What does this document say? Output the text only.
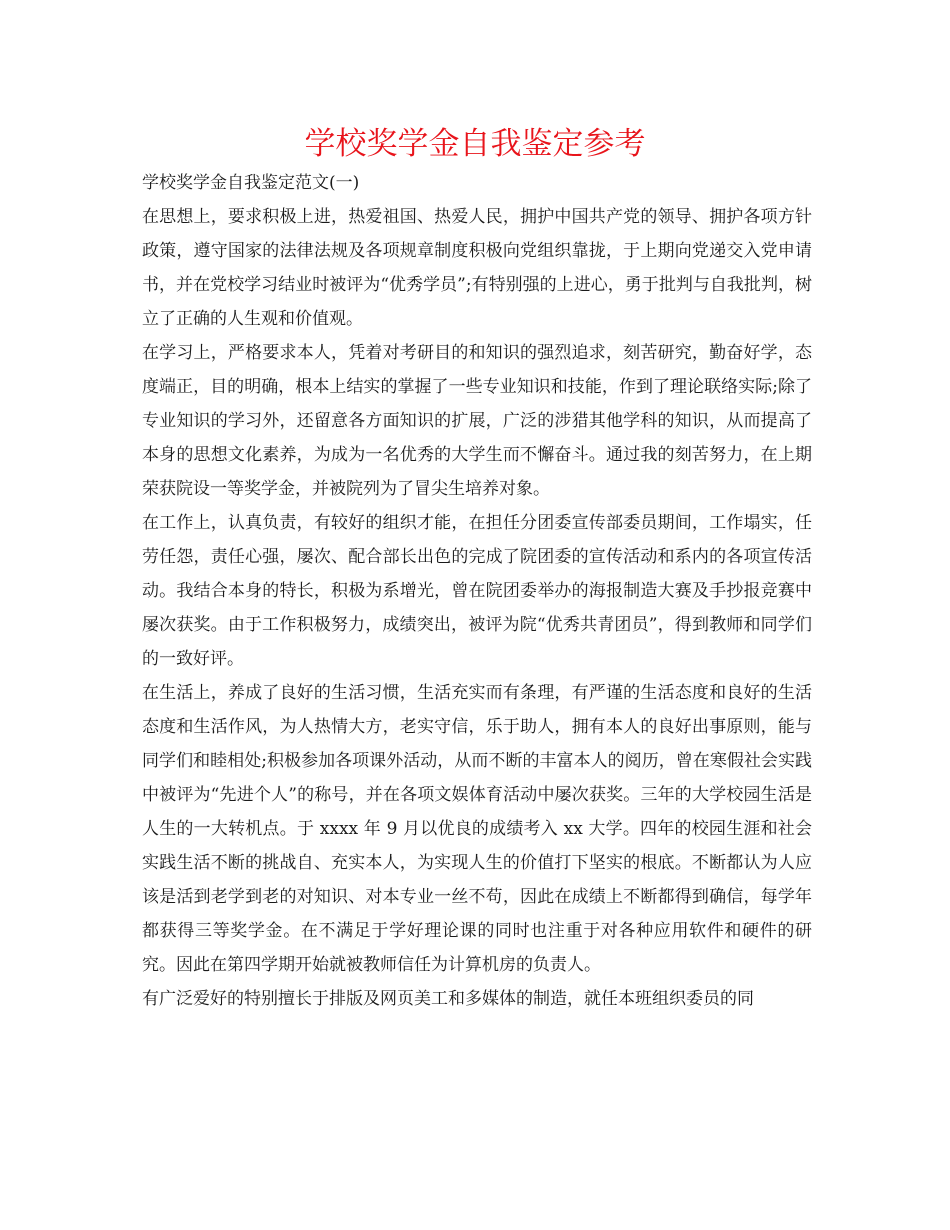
学校奖学金自我鉴定参考

学校奖学金自我鉴定范文(一)

在思想上，要求积极上进，热爱祖国、热爱人民，拥护中国共产党的领导、拥护各项方针政策，遵守国家的法律法规及各项规章制度积极向党组织靠拢，于上期向党递交入党申请书，并在党校学习结业时被评为“优秀学员”;有特别强的上进心，勇于批判与自我批判，树立了正确的人生观和价值观。

在学习上，严格要求本人，凭着对考研目的和知识的强烈追求，刻苦研究，勤奋好学，态度端正，目的明确，根本上结实的掌握了一些专业知识和技能，作到了理论联络实际;除了专业知识的学习外，还留意各方面知识的扩展，广泛的涉猎其他学科的知识，从而提高了本身的思想文化素养，为成为一名优秀的大学生而不懈奋斗。通过我的刻苦努力，在上期荣获院设一等奖学金，并被院列为了冒尖生培养对象。

在工作上，认真负责，有较好的组织才能，在担任分团委宣传部委员期间，工作塌实，任劳任怨，责任心强，屡次、配合部长出色的完成了院团委的宣传活动和系内的各项宣传活动。我结合本身的特长，积极为系增光，曾在院团委举办的海报制造大赛及手抄报竞赛中屡次获奖。由于工作积极努力，成绩突出，被评为院“优秀共青团员”，得到教师和同学们的一致好评。

在生活上，养成了良好的生活习惯，生活充实而有条理，有严谨的生活态度和良好的生活态度和生活作风，为人热情大方，老实守信，乐于助人，拥有本人的良好出事原则，能与同学们和睦相处;积极参加各项课外活动，从而不断的丰富本人的阅历，曾在寒假社会实践中被评为“先进个人”的称号，并在各项文娱体育活动中屡次获奖。三年的大学校园生活是人生的一大转机点。于 xxxx 年 9 月以优良的成绩考入 xx 大学。四年的校园生涯和社会实践生活不断的挑战自、充实本人，为实现人生的价值打下坚实的根底。不断都认为人应该是活到老学到老的对知识、对本专业一丝不苟，因此在成绩上不断都得到确信，每学年都获得三等奖学金。在不满足于学好理论课的同时也注重于对各种应用软件和硬件的研究。因此在第四学期开始就被教师信任为计算机房的负责人。

有广泛爱好的特别擅长于排版及网页美工和多媒体的制造，就任本班组织委员的同
